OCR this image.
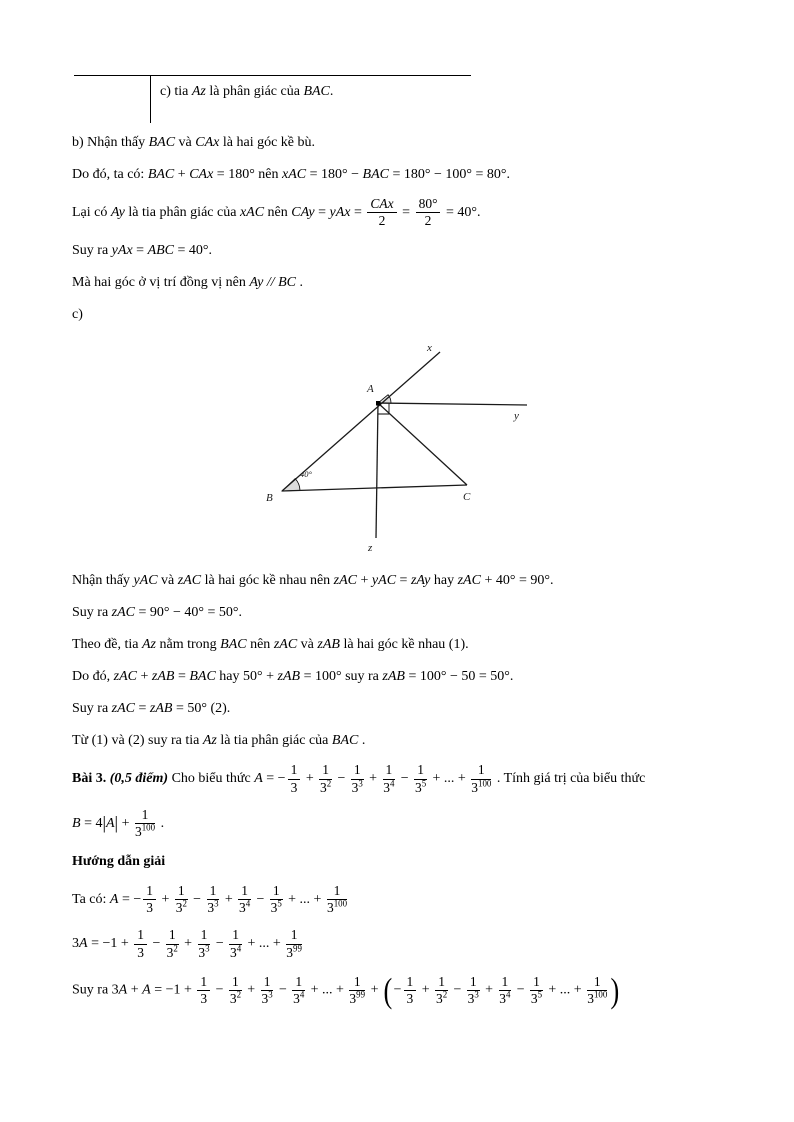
c) tia Az là phân giác của BAC.
b) Nhận thấy BAC và CAx là hai góc kề bù.
Do đó, ta có: BAC + CAx = 180° nên xAC = 180° − BAC = 180° − 100° = 80°.
Lại có Ay là tia phân giác của xAC nên CAy = yAx = $\frac{\text{CAx}}{2} = \frac{80^\circ}{2} = 40^\circ$.
Suy ra yAx = ABC = 40°.
Mà hai góc ở vị trí đồng vị nên Ay // BC .
c)
x
A
y
B	C
z
40°
Nhận thấy yAC và zAC là hai góc kề nhau nên zAC + yAC = zAy hay zAC + 40° = 90°.
Suy ra zAC = 90° − 40° = 50°.
Theo đề, tia Az nằm trong BAC nên zAC và zAB là hai góc kề nhau (1).
Do đó, zAC + zAB = BAC hay 50° + zAB = 100° suy ra zAB = 100° − 50 = 50°.
Suy ra zAC = zAB = 50° (2).
Từ (1) và (2) suy ra tia Az là tia phân giác của BAC .
Bài 3. (0,5 điểm) Cho biểu thức A = − $\frac{1}{3} + \frac{1}{3^2} - \frac{1}{3^3} + \frac{1}{3^4} - \frac{1}{3^5}$ + ... + $\frac{1}{3^{100}}$ . Tính giá trị của biểu thức
$B = 4|A| + \frac{1}{3^{100}}$ .
Hướng dẫn giải
Ta có: A = − $\frac{1}{3} + \frac{1}{3^2} - \frac{1}{3^3} + \frac{1}{3^4} - \frac{1}{3^5}$ + ... + $\frac{1}{3^{100}}$
$3A = -1 + \frac{1}{3} - \frac{1}{3^2} + \frac{1}{3^3} - \frac{1}{3^4}$ + ... + $\frac{1}{3^{99}}$
Suy ra $3A + A = -1 + \frac{1}{3} - \frac{1}{3^2} + \frac{1}{3^3} - \frac{1}{3^4}$ + ... + $\frac{1}{3^{99}}$ + (− $\frac{1}{3} + \frac{1}{3^2} - \frac{1}{3^3} + \frac{1}{3^4} - \frac{1}{3^5}$ + ... + $\frac{1}{3^{100}}$ )
